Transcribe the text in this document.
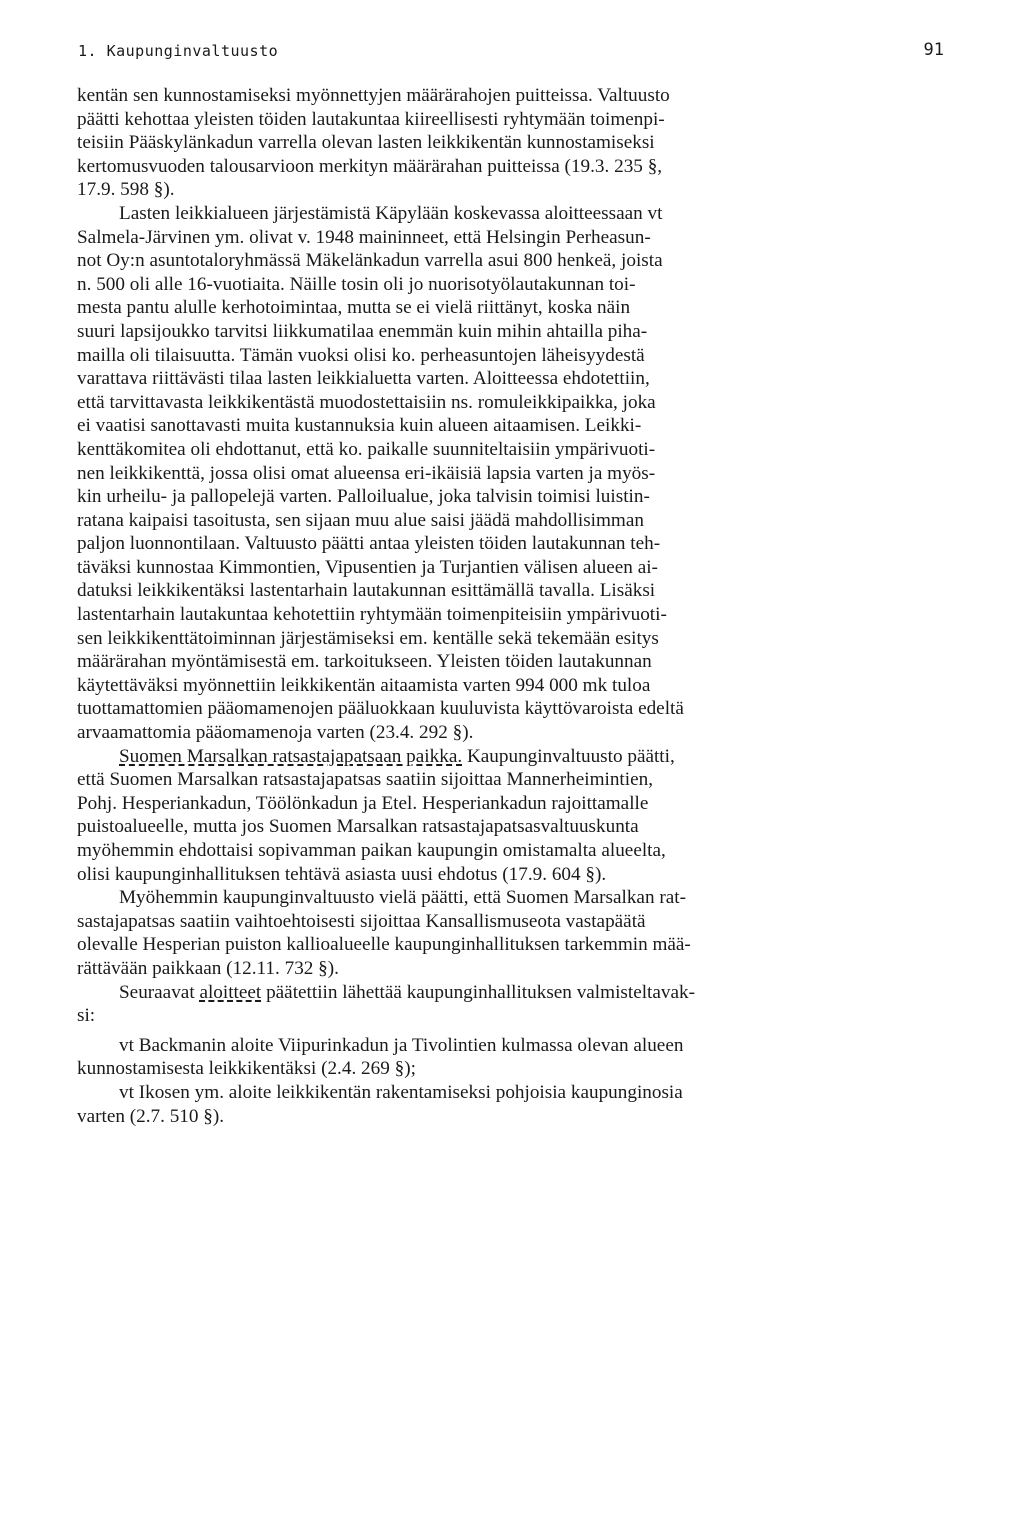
1. Kaupunginvaltuusto	91
kentän sen kunnostamiseksi myönnettyjen määrärahojen puitteissa. Valtuusto
päätti kehottaa yleisten töiden lautakuntaa kiireellisesti ryhtymään toimenpi-
teisiin Pääskylänkadun varrella olevan lasten leikkikentän kunnostamiseksi
kertomusvuoden talousarvioon merkityn määrärahan puitteissa (19.3. 235 §,
17.9. 598 §).
Lasten leikkialueen järjestämistä Käpylään koskevassa aloitteessaan vt
Salmela-Järvinen ym. olivat v. 1948 maininneet, että Helsingin Perheasun-
not Oy:n asuntotaloryhmässä Mäkelänkadun varrella asui 800 henkeä, joista
n. 500 oli alle 16-vuotiaita. Näille tosin oli jo nuorisotyölautakunnan toi-
mesta pantu alulle kerhotoimintaa, mutta se ei vielä riittänyt, koska näin
suuri lapsijoukko tarvitsi liikkumatilaa enemmän kuin mihin ahtailla piha-
mailla oli tilaisuutta. Tämän vuoksi olisi ko. perheasuntojen läheisyydestä
varattava riittävästi tilaa lasten leikkialuetta varten. Aloitteessa ehdotettiin,
että tarvittavasta leikkikentästä muodostettaisiin ns. romuleikkipaikka, joka
ei vaatisi sanottavasti muita kustannuksia kuin alueen aitaamisen. Leikki-
kenttäkomitea oli ehdottanut, että ko. paikalle suunniteltaisiin ympärivuoti-
nen leikkikenttä, jossa olisi omat alueensa eri-ikäisiä lapsia varten ja myös-
kin urheilu- ja pallopelejä varten. Palloilualue, joka talvisin toimisi luistin-
ratana kaipaisi tasoitusta, sen sijaan muu alue saisi jäädä mahdollisimman
paljon luonnontilaan. Valtuusto päätti antaa yleisten töiden lautakunnan teh-
täväksi kunnostaa Kimmontien, Vipusentien ja Turjantien välisen alueen ai-
datuksi leikkikentäksi lastentarhain lautakunnan esittämällä tavalla. Lisäksi
lastentarhain lautakuntaa kehotettiin ryhtymään toimenpiteisiin ympärivuoti-
sen leikkikenttätoiminnan järjestämiseksi em. kentälle sekä tekemään esitys
määrärahan myöntämisestä em. tarkoitukseen. Yleisten töiden lautakunnan
käytettäväksi myönnettiin leikkikentän aitaamista varten 994 000 mk tuloa
tuottamattomien pääomamenojen pääluokkaan kuuluvista käyttövaroista edeltä
arvaamattomia pääomamenoja varten (23.4. 292 §).
Suomen Marsalkan ratsastajapatsaan paikka. Kaupunginvaltuusto päätti,
että Suomen Marsalkan ratsastajapatsas saatiin sijoittaa Mannerheimintien,
Pohj. Hesperiankadun, Töölönkadun ja Etel. Hesperiankadun rajoittamalle
puistoalueelle, mutta jos Suomen Marsalkan ratsastajapatsasvaltuuskunta
myöhemmin ehdottaisi sopivamman paikan kaupungin omistamalta alueelta,
olisi kaupunginhallituksen tehtävä asiasta uusi ehdotus (17.9. 604 §).
Myöhemmin kaupunginvaltuusto vielä päätti, että Suomen Marsalkan rat-
sastajapatsas saatiin vaihtoehtoisesti sijoittaa Kansallismuseota vastapäätä
olevalle Hesperian puiston kallioalueelle kaupunginhallituksen tarkemmin mää-
rättävään paikkaan (12.11. 732 §).
Seuraavat aloitteet päätettiin lähettää kaupunginhallituksen valmisteltavak-
si:
vt Backmanin aloite Viipurinkadun ja Tivolintien kulmassa olevan alueen
kunnostamisesta leikkikentäksi (2.4. 269 §);
vt Ikosen ym. aloite leikkikentän rakentamiseksi pohjoisia kaupunginosia
varten (2.7. 510 §).
